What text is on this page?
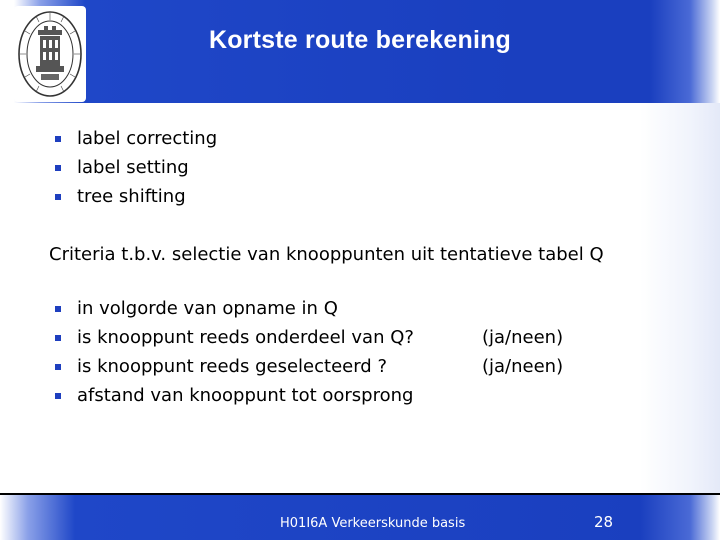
Kortste route berekening
label correcting
label setting
tree shifting
Criteria t.b.v. selectie van knooppunten uit tentatieve tabel Q
in volgorde van opname in Q
is knooppunt reeds onderdeel van Q?	(ja/neen)
is knooppunt reeds geselecteerd ?	(ja/neen)
afstand van knooppunt tot oorsprong
H01I6A Verkeerskunde basis	28
